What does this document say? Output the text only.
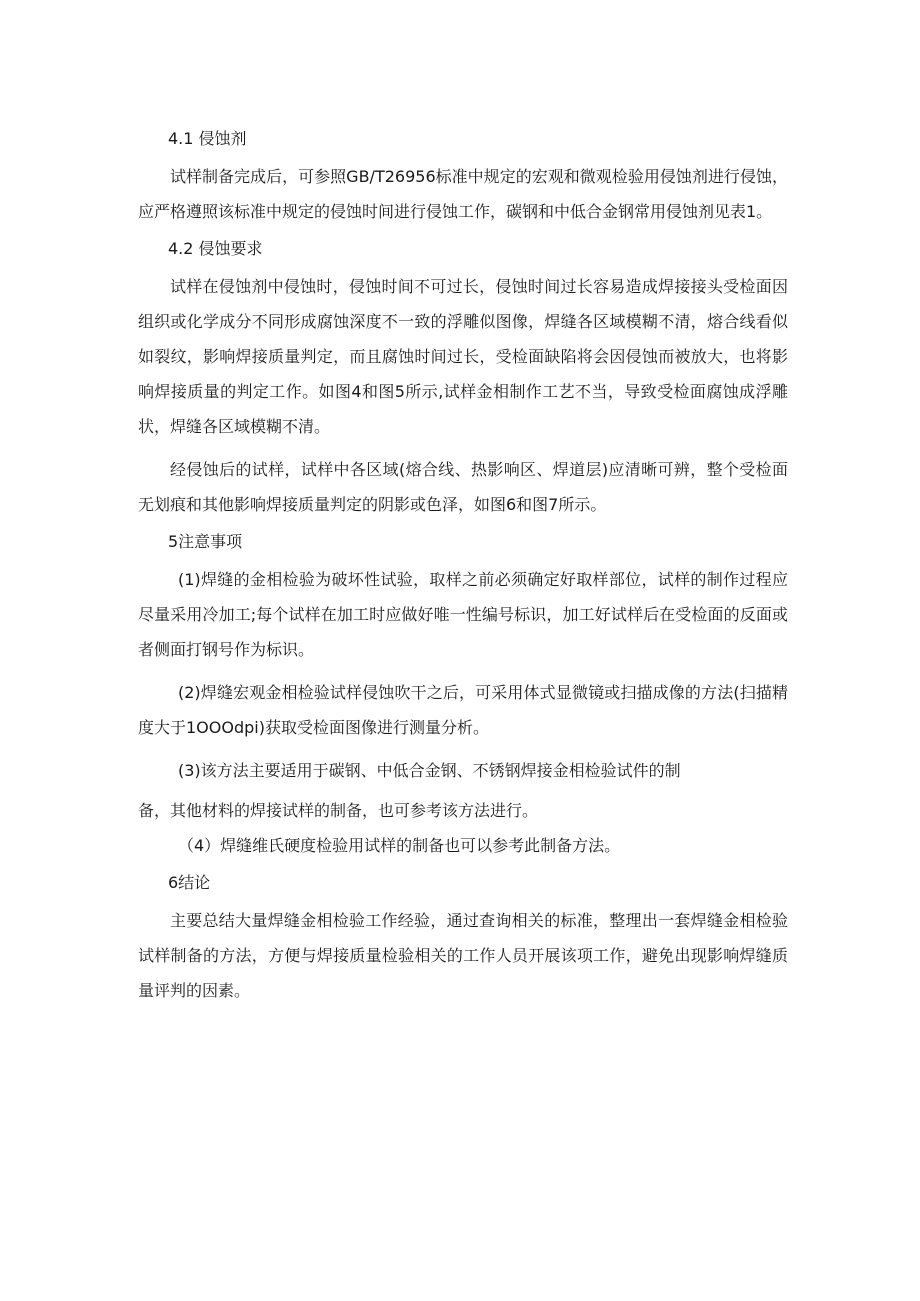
4.1 侵蚀剂

试样制备完成后，可参照GB/T26956标准中规定的宏观和微观检验用侵蚀剂进行侵蚀，应严格遵照该标准中规定的侵蚀时间进行侵蚀工作，碳钢和中低合金钢常用侵蚀剂见表1。

4.2 侵蚀要求

试样在侵蚀剂中侵蚀时，侵蚀时间不可过长，侵蚀时间过长容易造成焊接接头受检面因组织或化学成分不同形成腐蚀深度不一致的浮雕似图像，焊缝各区域模糊不清，熔合线看似如裂纹，影响焊接质量判定，而且腐蚀时间过长，受检面缺陷将会因侵蚀而被放大，也将影响焊接质量的判定工作。如图4和图5所示,试样金相制作工艺不当，导致受检面腐蚀成浮雕状，焊缝各区域模糊不清。

经侵蚀后的试样，试样中各区域(熔合线、热影响区、焊道层)应清晰可辨，整个受检面无划痕和其他影响焊接质量判定的阴影或色泽，如图6和图7所示。

5注意事项

(1)焊缝的金相检验为破坏性试验，取样之前必须确定好取样部位，试样的制作过程应尽量采用冷加工;每个试样在加工时应做好唯一性编号标识，加工好试样后在受检面的反面或者侧面打钢号作为标识。

(2)焊缝宏观金相检验试样侵蚀吹干之后，可采用体式显微镜或扫描成像的方法(扫描精度大于1OOOdpi)获取受检面图像进行测量分析。

(3)该方法主要适用于碳钢、中低合金钢、不锈钢焊接金相检验试件的制

备，其他材料的焊接试样的制备，也可参考该方法进行。

（4）焊缝维氏硬度检验用试样的制备也可以参考此制备方法。

6结论

主要总结大量焊缝金相检验工作经验，通过查询相关的标准，整理出一套焊缝金相检验试样制备的方法，方便与焊接质量检验相关的工作人员开展该项工作，避免出现影响焊缝质量评判的因素。
